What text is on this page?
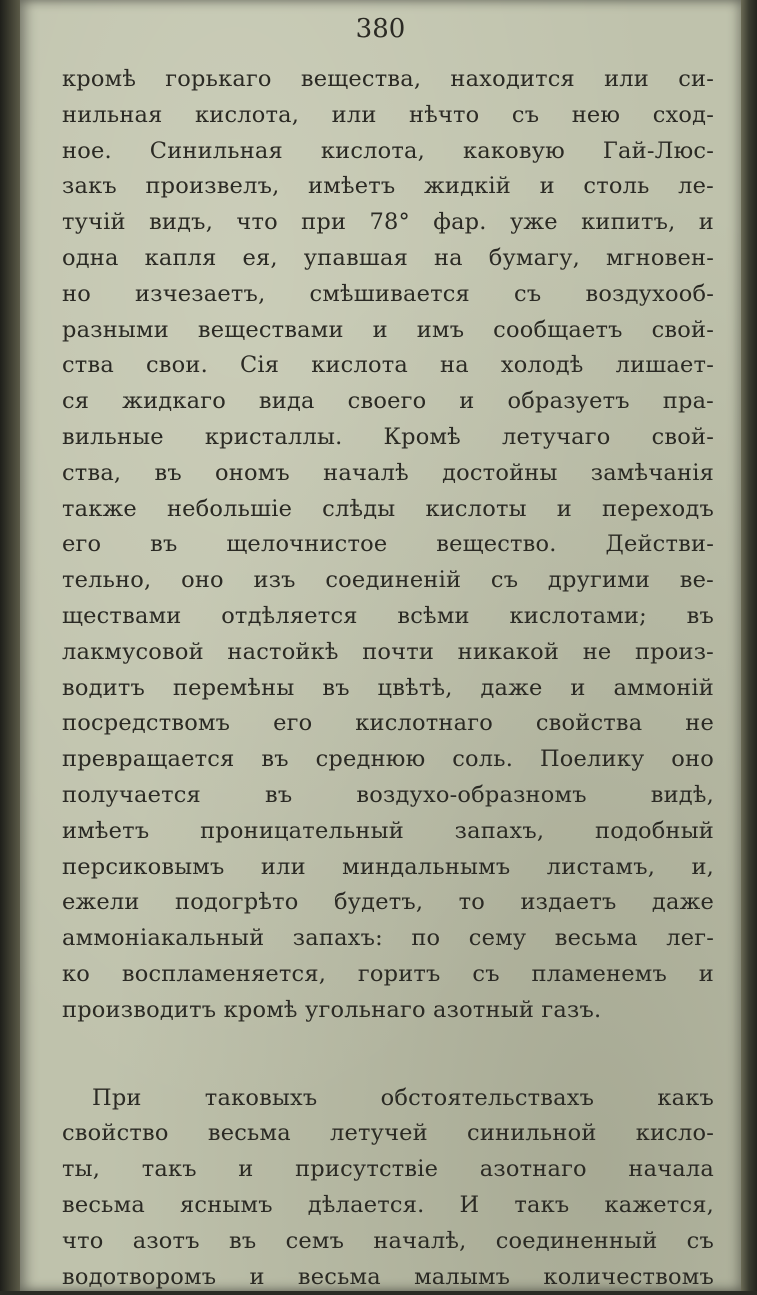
380
кромѣ горькаго вещества, находится или си-
нильная кислота, или нѣчто съ нею сход-
ное. Синильная кислота, каковую Гай-Люс-
закъ произвелъ, имѣетъ жидкій и столь ле-
тучій видъ, что при 78° фар. уже кипитъ, и
одна капля ея, упавшая на бумагу, мгновен-
но изчезаетъ, смѣшивается съ воздухооб-
разными веществами и имъ сообщаетъ свой-
ства свои. Сія кислота на холодѣ лишает-
ся жидкаго вида своего и образуетъ пра-
вильные кристаллы. Кромѣ летучаго свой-
ства, въ ономъ началѣ достойны замѣчанія
также небольшіе слѣды кислоты и переходъ
его въ щелочнистое вещество. Действи-
тельно, оно изъ соединеній съ другими ве-
ществами отдѣляется всѣми кислотами; въ
лакмусовой настойкѣ почти никакой не произ-
водитъ перемѣны въ цвѣтѣ, даже и аммоній
посредствомъ его кислотнаго свойства не
превращается въ среднюю соль. Поелику оно
получается въ воздухо-образномъ видѣ,
имѣетъ проницательный запахъ, подобный
персиковымъ или миндальнымъ листамъ, и,
ежели подогрѣто будетъ, то издаетъ даже
аммоніакальный запахъ: по сему весьма лег-
ко воспламеняется, горитъ съ пламенемъ и
производитъ кромѣ угольнаго азотный газъ.
При таковыхъ обстоятельствахъ какъ
свойство весьма летучей синильной кисло-
ты, такъ и присутствіе азотнаго начала
весьма яснымъ дѣлается. И такъ кажется,
что азотъ въ семъ началѣ, соединенный съ
водотворомъ и весьма малымъ количествомъ
